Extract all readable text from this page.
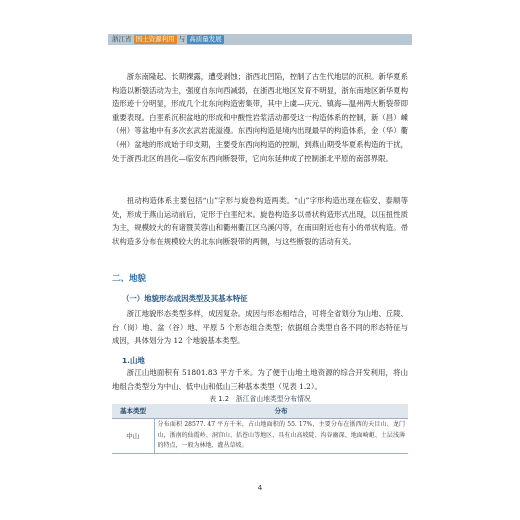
浙江省 国土资源利用 与 高质量发展

浙东南隆起、长期裸露，遭受剥蚀；浙西北凹陷，控制了古生代地层的沉积。新华夏系构造以断裂活动为主，强度自东向西减弱，在浙西北地区发育不明显，浙东南地区新华夏构造形迹十分明显，形成几个北东向构造密集带，其中上虞—庆元、镇海—温州两大断裂带即重要表现。白垩系沉积盆地的形成和中酸性岩浆活动都受这一构造体系的控制，新（昌）嵊（州）等盆地中有多次玄武岩流溢漫。东西向构造是境内出现最早的构造体系，金（华）衢（州）盆地的形成始于印支期，主要受东西向构造的控制，到燕山期受华夏系构造的干扰，处于浙西北区的昌化—临安东西向断裂带，它向东延伸成了控制浙北平原的南部界限。

扭动构造体系主要包括“山”字形与旋卷构造两类。“山”字形构造出现在临安、泰顺等处，形成于燕山运动前后，定形于白垩纪末。旋卷构造多以帚状构造形式出现，以压扭性质为主，规模较大的有诸暨芙蓉山和衢州衢江区乌溪闪等，在南田附近也有小的帚状构造。帚状构造多分布在规模较大的北东向断裂带的两侧，与这些断裂的活动有关。

二、地貌
（一）地貌形态成因类型及其基本特征

浙江地貌形态类型多样，成因复杂。成因与形态相结合，可将全省划分为山地、丘陵、台（岗）地、盆（谷）地、平原 5 个形态组合类型；依据组合类型自各不同的形态特征与成因，具体划分为 12 个地貌基本类型。

1.山地

浙江山地面积有 51801.83 平方千米。为了便于山地土地资源的综合开发利用，将山地组合类型分为中山、低中山和低山三种基本类型（见表 1.2）。

表 1.2　浙江省山地类型分布情况
基本类型	分布
中山	分布面积 28577. 47 平方千米，占山地面积的 55. 17%，主要分布在浙西的天目山、龙门山，浙南的仙霞岭、洞宫山、括苍山等地区，具有山高坡陡、沟谷幽深、地面崎岖、土层浅薄的特点，一般为林地、灌丛草坡。
4
